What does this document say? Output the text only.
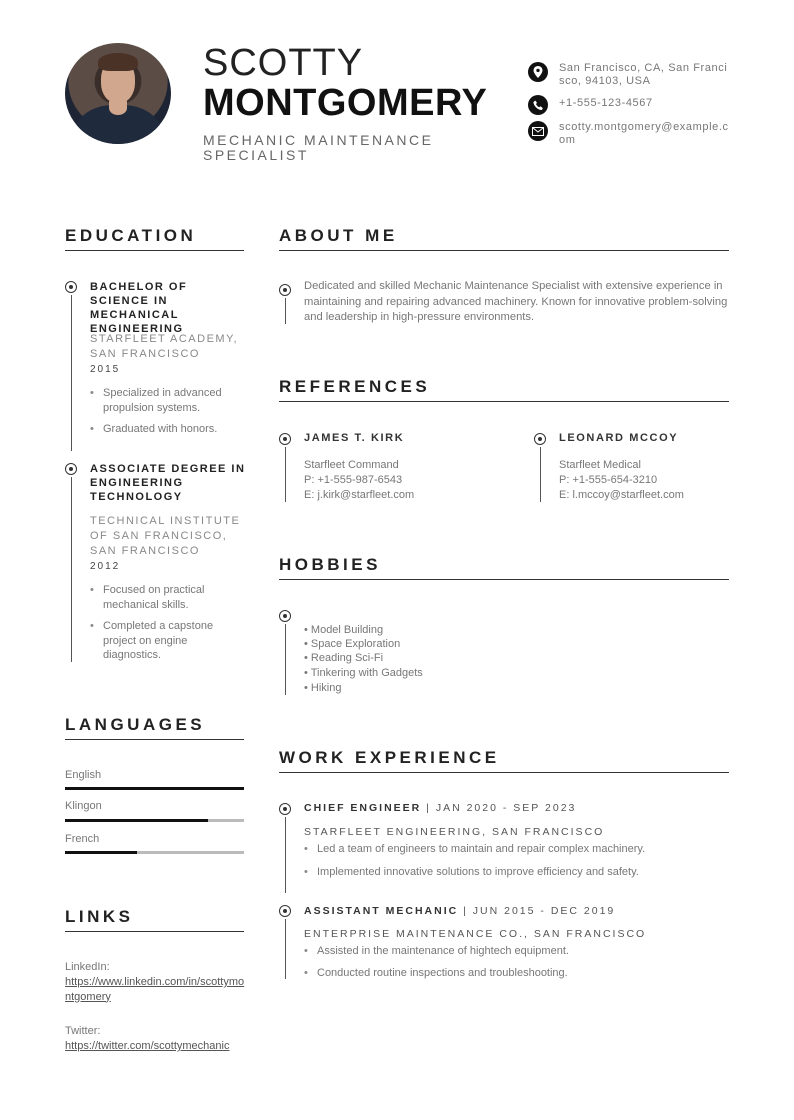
SCOTTY
MONTGOMERY
MECHANIC MAINTENANCE SPECIALIST
San Francisco, CA, San Francisco, 94103, USA
+1-555-123-4567
scotty.montgomery@example.com
EDUCATION
BACHELOR OF SCIENCE IN MECHANICAL ENGINEERING
STARFLEET ACADEMY, SAN FRANCISCO
2015
• Specialized in advanced propulsion systems.
• Graduated with honors.
ASSOCIATE DEGREE IN ENGINEERING TECHNOLOGY
TECHNICAL INSTITUTE OF SAN FRANCISCO, SAN FRANCISCO
2012
• Focused on practical mechanical skills.
• Completed a capstone project on engine diagnostics.
LANGUAGES
English
Klingon
French
LINKS
LinkedIn:
https://www.linkedin.com/in/scottymontgomery
Twitter:
https://twitter.com/scottymechanic
ABOUT ME
Dedicated and skilled Mechanic Maintenance Specialist with extensive experience in maintaining and repairing advanced machinery. Known for innovative problem-solving and leadership in high-pressure environments.
REFERENCES
JAMES T. KIRK
Starfleet Command
P: +1-555-987-6543
E: j.kirk@starfleet.com
LEONARD MCCOY
Starfleet Medical
P: +1-555-654-3210
E: l.mccoy@starfleet.com
HOBBIES
• Model Building
• Space Exploration
• Reading Sci-Fi
• Tinkering with Gadgets
• Hiking
WORK EXPERIENCE
CHIEF ENGINEER | JAN 2020 - SEP 2023
STARFLEET ENGINEERING, SAN FRANCISCO
• Led a team of engineers to maintain and repair complex machinery.
• Implemented innovative solutions to improve efficiency and safety.
ASSISTANT MECHANIC | JUN 2015 - DEC 2019
ENTERPRISE MAINTENANCE CO., SAN FRANCISCO
• Assisted in the maintenance of hightech equipment.
• Conducted routine inspections and troubleshooting.
